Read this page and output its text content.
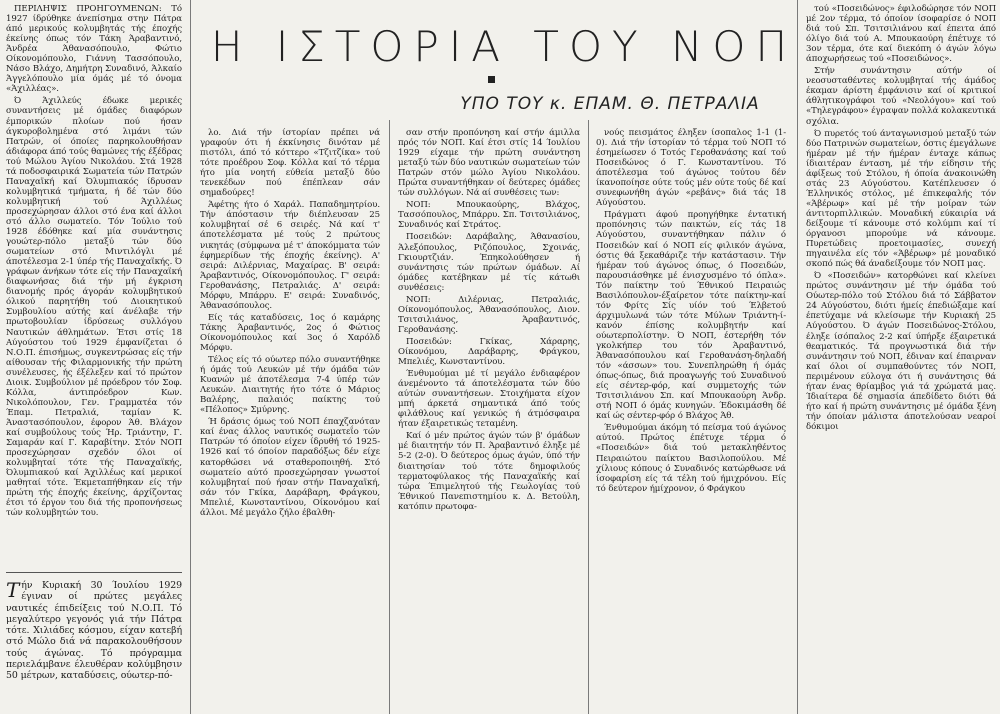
Η ΙΣΤΟΡΙΑ ΤΟΥ ΝΟΠ
ΥΠΟ ΤΟΥ κ. ΕΠΑΜ. Θ. ΠΕΤΡΑΛΙΑ

ΠΕΡΙΛΗΨΙΣ ΠΡΟΗΓΟΥΜΕΝΩΝ: Τό 1927 ίδρύθηκε άνεπίσημα στην Πάτρα άπό μερικούς κολυμβητάς τής έποχής έκείνης όπως τόν Τάκη Άραβαντινό, Άνδρέα Άθανασόπουλο, Φώτιο Οίκονομόπουλο, Γιάννη Τασσόπουλο, Νάσο Βλάχο, Δημήτρη Συναδινό, Άλκαίο Άγγελόπουλο μία όμάς μέ τό όνομα «Άχιλλέας».

Ό Άχιλλεύς έδωκε μερικές συναντήσεις μέ όμάδες διαφόρων έμπορικών πλοίων πού ήσαν άγκυροβολημένα στό λιμάνι τών Πατρών, οί όποίες παρηκολουθήσαν άδιάφορα άπό τούς θαμώνες τής έξέδρας τού Μώλου Άγίου Νικολάου. Στά 1928 τά ποδοσφαιρικά Σωματεία τών Πατρών Παναχαϊκή καί Όλυμπιακός ίδρυσαν κολυμβητικά τμήματα, ή δέ τών δύο κολυμβητική τού Άχιλλέως προσεχώρησαν άλλοι στό ένα καί άλλοι στό άλλο σωματείο. Τόν Ίούλιο τού 1928 έδόθηκε καί μία συνάντησις γουώτερ-πόλο μεταξύ τών δύο σωματείων στό Μιντιλόγλι μέ άποτέλεσμα 2-1 ύπέρ τής Παναχαϊκής. Ό γράφων άνήκων τότε είς τήν Παναχαϊκή διαφωνήσας διά τήν μή έγκριση διανομής πρός άγοράν κολυμβητικού όλικού παρητήθη τού Διοικητικού Συμβουλίου αύτής καί άνέλαβε τήν πρωτοβουλίαν ίδρύσεως συλλόγου Ναυτικών άθλημάτων. Έτσι στίς 18 Αύγούστου τού 1929 έμφανίζεται ό Ν.Ο.Π. έπισήμως, συγκεντρώσας είς τήν αίθουσαν τής Φιλαρμονικής τήν πρώτη συνέλευσες, ής έξέλεξεν καί τό πρώτον Διοικ. Συμβούλιον μέ πρόεδρον τόν Σοφ. Κόλλα, άντιπρόεδρον Κων. Νικολόπουλον, Γεν. Γραμματέα τόν Έπαμ. Πετραλιά, ταμίαν Κ. Άναστασόπουλον, έφορον Άθ. Βλάχον καί συμβούλους τούς Ήρ. Τριάντην, Γ. Σαμαράν καί Γ. Καραβίτην. Στόν ΝΟΠ προσεχώρησαν σχεδόν όλοι οί κολυμβηταί τότε τής Παναχαϊκής, Όλυμπιακού καί Άχιλλέως καί μερικοί μαθηταί τότε. Έκμεταπήθηκαν είς τήν πρώτη τής έποχής έκείνης, άρχίζοντας έτσι τό έργον του διά τής προπονήσεως τών κολυμβητών του.

Τήν Κυριακή 30 Ίουλίου 1929 έγιναν οί πρώτες μεγάλες ναυτικές έπιδείξεις τού Ν.Ο.Π. Τό μεγαλύτερο γεγονός γιά τήν Πάτρα τότε. Χιλιάδες κόσμου, είχαν κατεβή στό Μώλο διά νά παρακολουθήσουν τούς άγώνας. Τό πρόγραμμα περιελάμβανε έλευθέραν κολύμβησιν 50 μέτρων, καταδύσεις, ούωτερ-πό-

λο. Διά τήν ίστορίαν πρέπει νά γραφούν ότι ή έκκίνησις δινόταν μέ πιστόλι, άπό τό κόττερο «Τζιτζίκα» τού τότε προέδρου Σοφ. Κόλλα καί τό τέρμα ήτο μία νοητή εύθεία μεταξύ δύο τενεκέδων πού έπέπλεαν σάν σημαδούρες!

Άφέτης ήτο ό Χαράλ. Παπαδημητρίου. Τήν άπόστασιν τήν διέπλευσαν 25 κολυμβηταί σέ 6 σειρές. Νά καί τ' άποτελέσματα μέ τούς 2 πρώτους νικητάς (σύμφωνα μέ τ' άποκόμματα τών έφημερίδων τής έποχής έκείνης). Α' σειρά: Διλέρνιας, Μαχαίρας. Β' σειρά: Άραβαντινός, Οίκονομόπουλος. Γ' σειρά: Γεροθανάσης, Πετραλιάς. Δ' σειρά: Μόρφυ, Μπάρρυ. Ε' σειρά: Συναδινός, Άθανασόπουλος.

Είς τάς καταδύσεις, 1ος ό καμάρης Τάκης Άραβαντινός, 2ος ό Φώτιος Οίκονομόπουλος καί 3ος ό Χαρόλδ Μόρφυ.

Τέλος είς τό ούωτερ πόλο συναντήθηκε ή όμάς τού Λευκών μέ τήν όμάδα τών Κυανών μέ άποτέλεσμα 7-4 ύπέρ τών Λευκών. Διαιτητής ήτο τότε ό Μάριος Βαλέρης, παλαιός παίκτης τού «Πέλοπος» Σμύρνης.

Ή δράσις όμως τού ΝΟΠ έπαχζανόταν καί ένας άλλος ναυτικός σωματεΐο τών Πατρών τό όποίον είχεν ίδρυθή τό 1925-1926 καί τό όποίον παραδόξως δέν είχε κατορθώσει νά σταθεροποιηθή. Στό σωματείο αύτό προσεχώρησαν γνωστοί κολυμβηταί πού ήσαν στήν Παναχαϊκή, σάν τόν Γκίκα, Δαράβαρη, Φράγκου, Μπελιέ, Κωνσταντίνου, Οίκονόμου καί άλλοι. Μέ μεγάλο ζήλο έβαλθη-

σαν στήν προπόνηση καί στήν άμιλλα πρός τόν ΝΟΠ. Καί έτσι στίς 14 Ίουλίου 1929 είχαμε τήν πρώτη συνάντηση μεταξύ τών δύο ναυτικών σωματείων τών Πατρών στόν μώλο Άγίου Νικολάου. Πρώτα συναντήθηκαν οί δεύτερες όμάδες τών συλλόγων. Νά αί συνθέσεις των:

ΝΟΠ: Μπουκαούρης, Βλάχος, Τασσόπουλος, Μπάρρυ. Σπ. Τσιτσιλιάνος, Συναδινός καί Στράτος.

Ποσειδών: Δαράβαλης, Άθανασίου, Άλεξόπουλος, Ριζόπουλος, Σχοινάς, Γκιουρτζιάν. Έπηκολούθησεν ή συνάντησις τών πρώτων όμάδων. Αί όμάδες κατέβηκαν μέ τίς κάτωθι συνθέσεις:

ΝΟΠ: Διλέρνιας, Πετραλιάς, Οίκονομόπουλος, Άθανασόπουλος, Διον. Τσιτσιλιάνος, Άραβαντινός, Γεροθανάσης.

Ποσειδών: Γκίκας, Χάραρης, Οίκονόμου, Δαράβαρης, Φράγκου, Μπελιές, Κωνσταντίνου.

Ένθυμούμαι μέ τί μεγάλο ένδιαφέρον άνεμένοντο τά άποτελέσματα τών δύο αύτών συναντήσεων. Στοιχήματα είχον μπή άρκετά σημαντικά άπό τούς φιλάθλους καί γενικώς ή άτμόσφαιρα ήταν έξαιρετικώς τεταμένη.

Καί ό μέν πρώτος άγών τών β' όμάδων μέ διαιτητήν τόν Π. Άραβαντινό έληξε μέ 5-2 (2-0). Ό δεύτερος όμως άγών, ύπό τήν διαιτησίαν τού τότε δημοφιλούς τερματοφύλακος τής Παναχαϊκής καί τώρα Έπιμελητού τής Γεωλογίας τού Έθνικού Πανεπιστημίου κ. Δ. Βετούλη, κατόπιν πρωτοφα-

νούς πεισμάτος έληξεν ίσοπαλος 1-1 (1-0). Διά τήν ίστορίαν τό τέρμα τού ΝΟΠ τό έσημείωσεν ό Τοτός Γεροθανάσης καί τού Ποσειδώνος ό Γ. Κωνσταντίνου. Τό άποτέλεσμα τού άγώνος τούτου δέν ίκανοποίησε ούτε τούς μέν ούτε τούς δέ καί συνεφωνήθη άγών «ρεβάνς» διά τάς 18 Αύγούστου.

Πράγματι άφού προηγήθηκε έντατική προπόνησις τών παικτών, είς τάς 18 Αύγούστου, συναντήθηκαν πάλιν ό Ποσειδών καί ό ΝΟΠ είς φιλικόν άγώνα, όστις θά ξεκαθάριζε τήν κατάστασιν. Τήν ήμέραν τού άγώνος όπως, ό Ποσειδών, παρουσιάσθηκε μέ ένισχυσμένο τό όπλα». Τόν παίκτην τού Έθνικού Πειραιώς Βασιλόπουλον-έξαίρετον τότε παίκτην-καί τόν Φρίτς Σίς υίόν τού Έλβετού άρχιμυλωνά τών τότε Μύλων Τριάντη-ί-κανόν έπίσης κολυμβητήν καί ούωτερπολίστην. Ό ΝΟΠ, έστερήθη τόν γκολκήπερ του τόν Άραβαντινό, Άθανασόπουλου καί Γεροθανάση-δηλαδή τόν «άσσων» του. Συνεπληρώθη ή όμάς όπως-όπως, διά προαγωγής τού Συναδινού είς σέντερ-φόρ, καί συμμετοχής τών Τσιτσιλιάνου Σπ. καί Μπουκαούρη Άνδρ. στή ΝΟΠ ό όμάς κυνηγών. Έδοκιμάσθη δέ καί ώς σέντερ-φόρ ό Βλάχος Άθ.

Ένθυμούμαι άκόμη τό πείσμα τού άγώνος αύτού. Πρώτος έπέτυχε τέρμα ό «Ποσειδών» διά τού μετακληθέντος Πειραιώτου παίκτου Βασιλοπούλου. Μέ χίλιους κόπους ό Συναδινός κατώρθωσε νά ίσοφαρίση είς τά τέλη τού ήμιχρόνου. Είς τό δεύτερον ήμίχρονον, ό Φράγκου

τού «Ποσειδώνος» έφιλοδώρησε τόν ΝΟΠ μέ 2ον τέρμα, τό όποίον ίσοφαρίσε ό ΝΟΠ διά τού Σπ. Τσιτσιλιάνου καί έπειτα άπό όλίγο διά τού Α. Μπουκαούρη έπέτυχε τό 3ον τέρμα, ότε καί διεκόπη ό άγών λόγω άποχωρήσεως τού «Ποσειδώνος».

Στήν συνάντησιν αύτήν οί νεοσυσταθέντες κολυμβηταί τής άμάδος έκαμαν άρίστη έμφάνισιν καί οί κριτικοί άθλητικογράφοι τού «Νεολόγου» καί τού «Τηλεγράφου» έγραψαν πολλά κολακευτικά σχόλια.

Ό πυρετός τού άνταγωνισμού μεταξύ τών δύο Πατρινών σωματείων, όστις έμεγάλωνε ήμέραν μέ τήν ήμέραν ένταχε κάπως ίδιαιτέραν ένταση, μέ τήν είδησιν τής άφίξεως τού Στόλου, ή όποία άνακοινώθη στάς 23 Αύγούστου. Κατέπλευσεν ό Έλληνικός στόλος, μέ έπικεφαλής τόν «Άβέρωφ» καί μέ τήν μοίραν τών άντιτορπιλλικών. Μοναδική εύκαιρία νά δείξουμε τί κάνουμε στό κολύμπι καί τί όργανοσι μπορούμε νά κάνουμε. Πυρετώδεις προετοιμασίες, συνεχή πηγαινέλα είς τόν «Άβέρωφ» μέ μοναδικό σκοπό πώς θά άναδείξουμε τόν ΝΟΠ μας.

Ό «Ποσειδών» κατορθώνει καί κλείνει πρώτος συνάντησιν μέ τήν όμάδα τού Ούωτερ-πόλο τού Στόλου διά τό Σάββατον 24 Αύγούστου, διότι ήμείς έπεδιώξαμε καί έπετύχαμε νά κλείσωμε τήν Κυριακή 25 Αύγούστου. Ό άγών Ποσειδώνος-Στόλου, έληξε ίσόπαλος 2-2 καί ύπήρξε έξαιρετικά θεαματικός. Τά προγνωστικά διά τήν συνάντησιν τού ΝΟΠ, έδιναν καί έπαιρναν καί όλοι οί συμπαθούντες τόν ΝΟΠ, περιμένουν εύλογα ότι ή συνάντησις θά ήταν ένας θρίαμβος γιά τά χρώματά μας. Ίδιαίτερα δέ σημασία άπεδίδετο διότι θά ήτο καί ή πρώτη συνάντησις μέ όμάδα ξένη τήν όποίαν μάλιστα άποτελούσαν νεαροί δόκιμοι
